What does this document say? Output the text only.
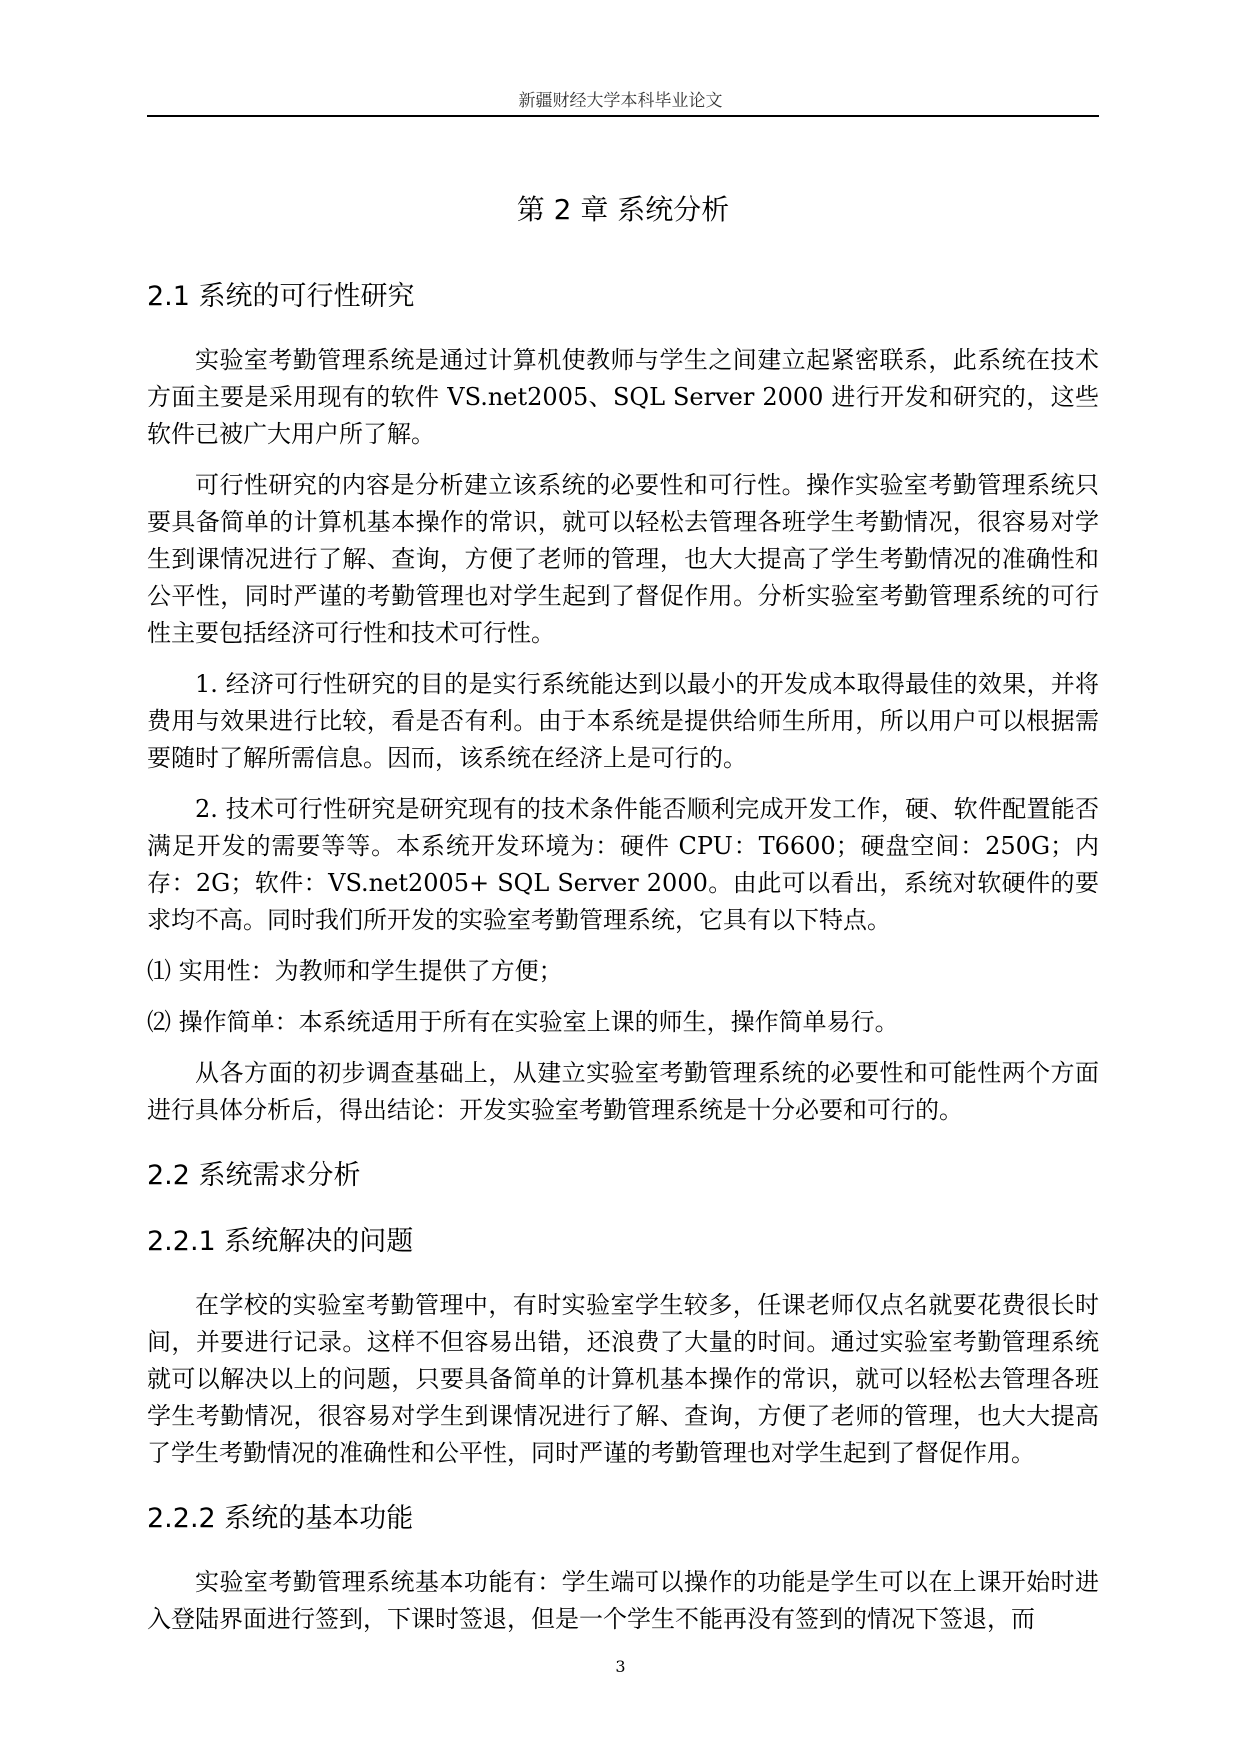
新疆财经大学本科毕业论文
第 2 章 系统分析
2.1 系统的可行性研究

实验室考勤管理系统是通过计算机使教师与学生之间建立起紧密联系，此系统在技术方面主要是采用现有的软件 VS.net2005、SQL Server 2000 进行开发和研究的，这些软件已被广大用户所了解。

可行性研究的内容是分析建立该系统的必要性和可行性。操作实验室考勤管理系统只要具备简单的计算机基本操作的常识，就可以轻松去管理各班学生考勤情况，很容易对学生到课情况进行了解、查询，方便了老师的管理，也大大提高了学生考勤情况的准确性和公平性，同时严谨的考勤管理也对学生起到了督促作用。分析实验室考勤管理系统的可行性主要包括经济可行性和技术可行性。

1. 经济可行性研究的目的是实行系统能达到以最小的开发成本取得最佳的效果，并将费用与效果进行比较，看是否有利。由于本系统是提供给师生所用，所以用户可以根据需要随时了解所需信息。因而，该系统在经济上是可行的。

2. 技术可行性研究是研究现有的技术条件能否顺利完成开发工作，硬、软件配置能否满足开发的需要等等。本系统开发环境为：硬件 CPU：T6600；硬盘空间：250G；内存：2G；软件：VS.net2005+ SQL Server 2000。由此可以看出，系统对软硬件的要求均不高。同时我们所开发的实验室考勤管理系统，它具有以下特点。

⑴ 实用性：为教师和学生提供了方便；

⑵ 操作简单：本系统适用于所有在实验室上课的师生，操作简单易行。

从各方面的初步调查基础上，从建立实验室考勤管理系统的必要性和可能性两个方面进行具体分析后，得出结论：开发实验室考勤管理系统是十分必要和可行的。

2.2 系统需求分析
2.2.1 系统解决的问题

在学校的实验室考勤管理中，有时实验室学生较多，任课老师仅点名就要花费很长时间，并要进行记录。这样不但容易出错，还浪费了大量的时间。通过实验室考勤管理系统就可以解决以上的问题，只要具备简单的计算机基本操作的常识，就可以轻松去管理各班学生考勤情况，很容易对学生到课情况进行了解、查询，方便了老师的管理，也大大提高了学生考勤情况的准确性和公平性，同时严谨的考勤管理也对学生起到了督促作用。

2.2.2 系统的基本功能

实验室考勤管理系统基本功能有：学生端可以操作的功能是学生可以在上课开始时进入登陆界面进行签到，下课时签退，但是一个学生不能再没有签到的情况下签退，而

3
